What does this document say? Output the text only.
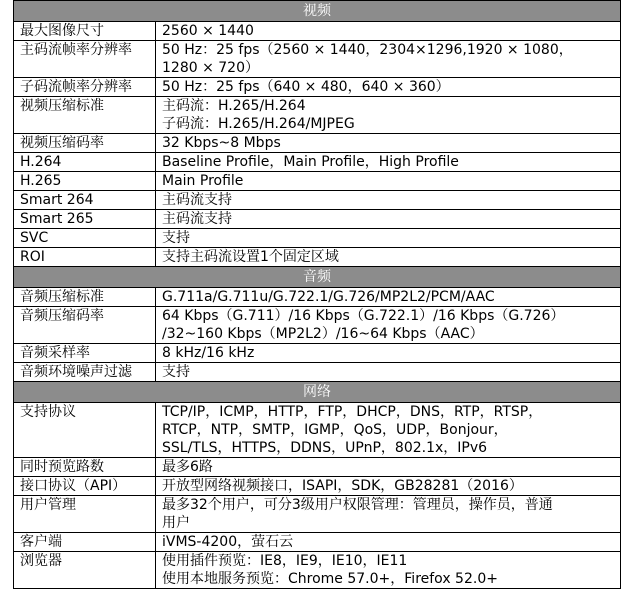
视频	
最大图像尺寸	2560 × 1440
主码流帧率分辨率	50 Hz：25 fps（2560 × 1440，2304×1296,1920 × 1080，
1280 × 720）
子码流帧率分辨率	50 Hz：25 fps（640 × 480，640 × 360）
视频压缩标准	主码流：H.265/H.264
子码流：H.265/H.264/MJPEG
视频压缩码率	32 Kbps~8 Mbps
H.264	Baseline Profile，Main Profile，High Profile
H.265	Main Profile
Smart 264	主码流支持
Smart 265	主码流支持
SVC	支持
ROI	支持主码流设置1个固定区域
音频	
音频压缩标准	G.711a/G.711u/G.722.1/G.726/MP2L2/PCM/AAC
音频压缩码率	64 Kbps（G.711）/16 Kbps（G.722.1）/16 Kbps（G.726）
/32~160 Kbps（MP2L2）/16~64 Kbps（AAC）
音频采样率	8 kHz/16 kHz
音频环境噪声过滤	支持
网络	
支持协议	TCP/IP，ICMP，HTTP，FTP，DHCP，DNS，RTP，RTSP，
RTCP，NTP，SMTP，IGMP，QoS，UDP，Bonjour，
SSL/TLS，HTTPS，DDNS，UPnP，802.1x，IPv6
同时预览路数	最多6路
接口协议（API）	开放型网络视频接口，ISAPI，SDK，GB28281（2016）
用户管理	最多32个用户，可分3级用户权限管理：管理员，操作员，普通
用户
客户端	iVMS-4200，萤石云
浏览器	使用插件预览：IE8，IE9，IE10，IE11
使用本地服务预览：Chrome 57.0+，Firefox 52.0+
